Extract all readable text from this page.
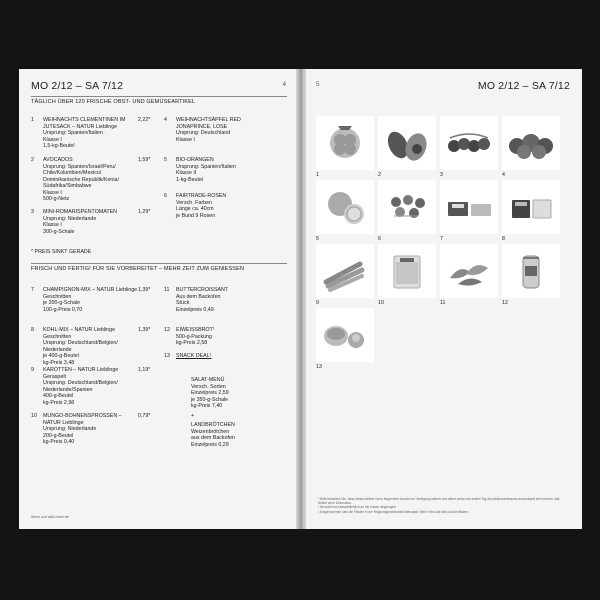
MO 2/12 – SA 7/12	4
TÄGLICH ÜBER 120 FRISCHE OBST- UND GEMÜSEARTIKEL
1	WEIHNACHTS CLEMENTINEN IM JUTESACK – NATUR Lieblinge
Ursprung: Spanien/Italien
Klasse I
1,5-kg-Beutel
2,22*
2	AVOCADOS
Ursprung: Spanien/Israel/Peru/
Chile/Kolumbien/Mexico/
Dominikanische Republik/Kenia/
Südafrika/Simbabwe
Klasse I
500-g-Netz
1,59*
3	MINI-ROMARISPENTOMATEN
Ursprung: Niederlande
Klasse I
300-g-Schale
1,29*
4	WEIHNACHTSÄPFEL RED JONAPRINCE, LOSE
Ursprung: Deutschland
Klasse I
5	BIO-ORANGEN
Ursprung: Spanien/Italien
Klasse II
1-kg-Beutel
6	FAIRTRADE-ROSEN
Versch. Farben
Länge ca. 40cm
je Bund 9 Rosen
* PREIS SINKT GERADE
FRISCH UND FERTIG! FÜR SIE VORBEREITET – MEHR ZEIT ZUM GENIESSEN
7	CHAMPIGNON-MIX – NATUR Lieblinge
Geschnitten
je 200-g-Schale
100-g-Preis 0,70
1,39*
8	KOHL-MIX – NATUR Lieblinge
Geschnitten
Ursprung: Deutschland/Belgien/
Niederlande
je 400-g-Beutel
kg-Preis 3,48
1,39*
9	KAROTTEN – NATUR Lieblinge
Geraspelt
Ursprung: Deutschland/Belgien/
Niederlande/Spanien
400-g-Beutel
kg-Preis 2,98
1,19*
10	MUNGO-BOHNENSPROSSEN – NATUR Lieblinge
Ursprung: Niederlande
200-g-Beutel
kg-Preis 0,40
0,79*
11	BUTTERCROISSANT
Aus dem Backofen
Stück
Einzelpreis 0,49
12	EIWEISSBROT¹
500-g-Packung
kg-Preis 2,58
13	SNACK DEAL¹
SALAT-MENÜ
Versch. Sorten
Einzelpreis 2,59
je 350-g-Schale
kg-Preis 7,40
+
LANDBRÖTCHEN
Weizenbrötchen
aus dem Backofen
Einzelpreis 0,29
Mehr auf aldi-nord.de
5	MO 2/12 – SA 7/12
1	2	3	4
5	6	7	8
9	10	11	12
13
* Bitte beachten Sie, dass dieses Artikel nur in begrenzter Anzahl zur Verfügung stehen und daher schon am ersten Tag des Aktionszeitraums ausverkauft sein können. Alle Artikel ohne Dekoration.
¹ Ab sofort und ausschließlich an der Kasse abgezogen.
² Ausgenommen sind die Filialen in der Regionalgesellschaft Altenstadt. Mehr Infos auf aldi-nord.de/filialen.
